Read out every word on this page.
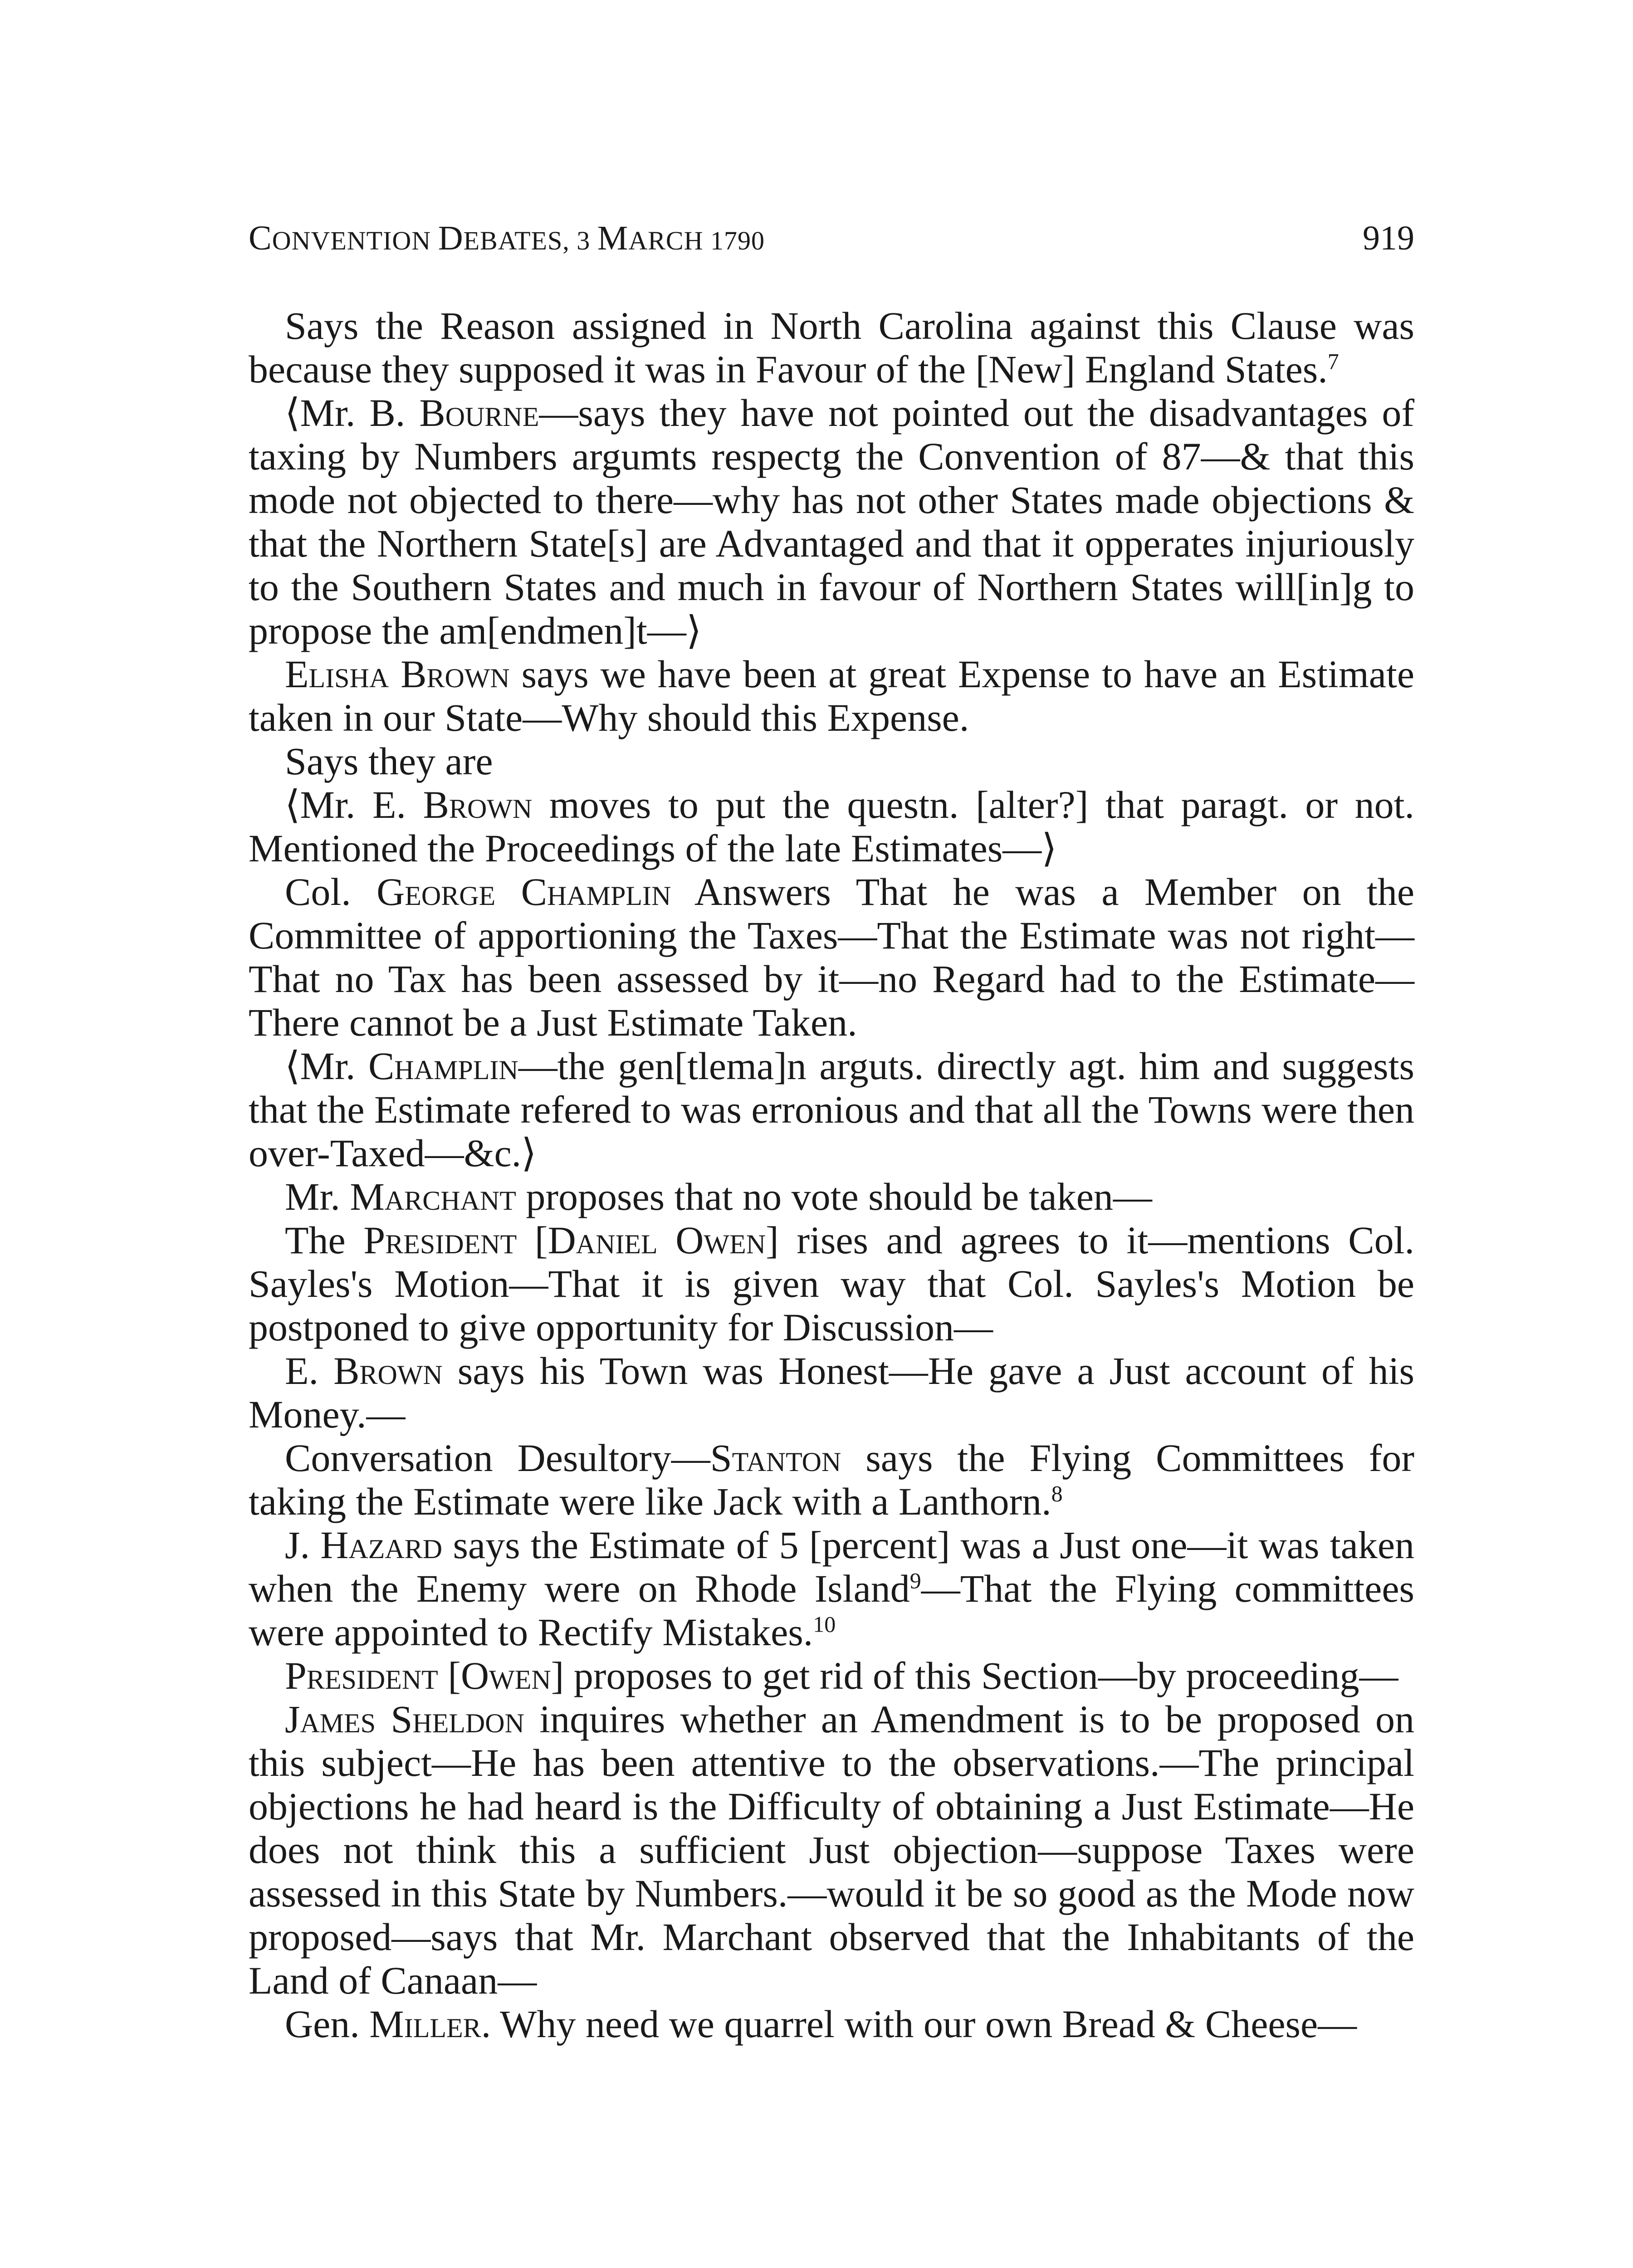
CONVENTION DEBATES, 3 MARCH 1790	919

Says the Reason assigned in North Carolina against this Clause was because they supposed it was in Favour of the [New] England States.$^7$

⟨Mr. B. Bourne—says they have not pointed out the disadvantages of taxing by Numbers argumts respectg the Convention of 87—& that this mode not objected to there—why has not other States made objections & that the Northern State[s] are Advantaged and that it opperates injuriously to the Southern States and much in favour of Northern States will[in]g to propose the am[endmen]t—⟩

Elisha Brown says we have been at great Expense to have an Estimate taken in our State—Why should this Expense.

Says they are

⟨Mr. E. Brown moves to put the questn. [alter?] that paragt. or not. Mentioned the Proceedings of the late Estimates—⟩

Col. George Champlin Answers That he was a Member on the Committee of apportioning the Taxes—That the Estimate was not right—That no Tax has been assessed by it—no Regard had to the Estimate—There cannot be a Just Estimate Taken.

⟨Mr. Champlin—the gen[tlema]n arguts. directly agt. him and suggests that the Estimate refered to was erronious and that all the Towns were then over-Taxed—&c.⟩

Mr. Marchant proposes that no vote should be taken—

The President [Daniel Owen] rises and agrees to it—mentions Col. Sayles's Motion—That it is given way that Col. Sayles's Motion be postponed to give opportunity for Discussion—

E. Brown says his Town was Honest—He gave a Just account of his Money.—

Conversation Desultory—Stanton says the Flying Committees for taking the Estimate were like Jack with a Lanthorn.$^8$

J. Hazard says the Estimate of 5 [percent] was a Just one—it was taken when the Enemy were on Rhode Island$^9$—That the Flying committees were appointed to Rectify Mistakes.$^{10}$

President [Owen] proposes to get rid of this Section—by proceeding—

James Sheldon inquires whether an Amendment is to be proposed on this subject—He has been attentive to the observations.—The principal objections he had heard is the Difficulty of obtaining a Just Estimate—He does not think this a sufficient Just objection—suppose Taxes were assessed in this State by Numbers.—would it be so good as the Mode now proposed—says that Mr. Marchant observed that the Inhabitants of the Land of Canaan—

Gen. Miller. Why need we quarrel with our own Bread & Cheese—
